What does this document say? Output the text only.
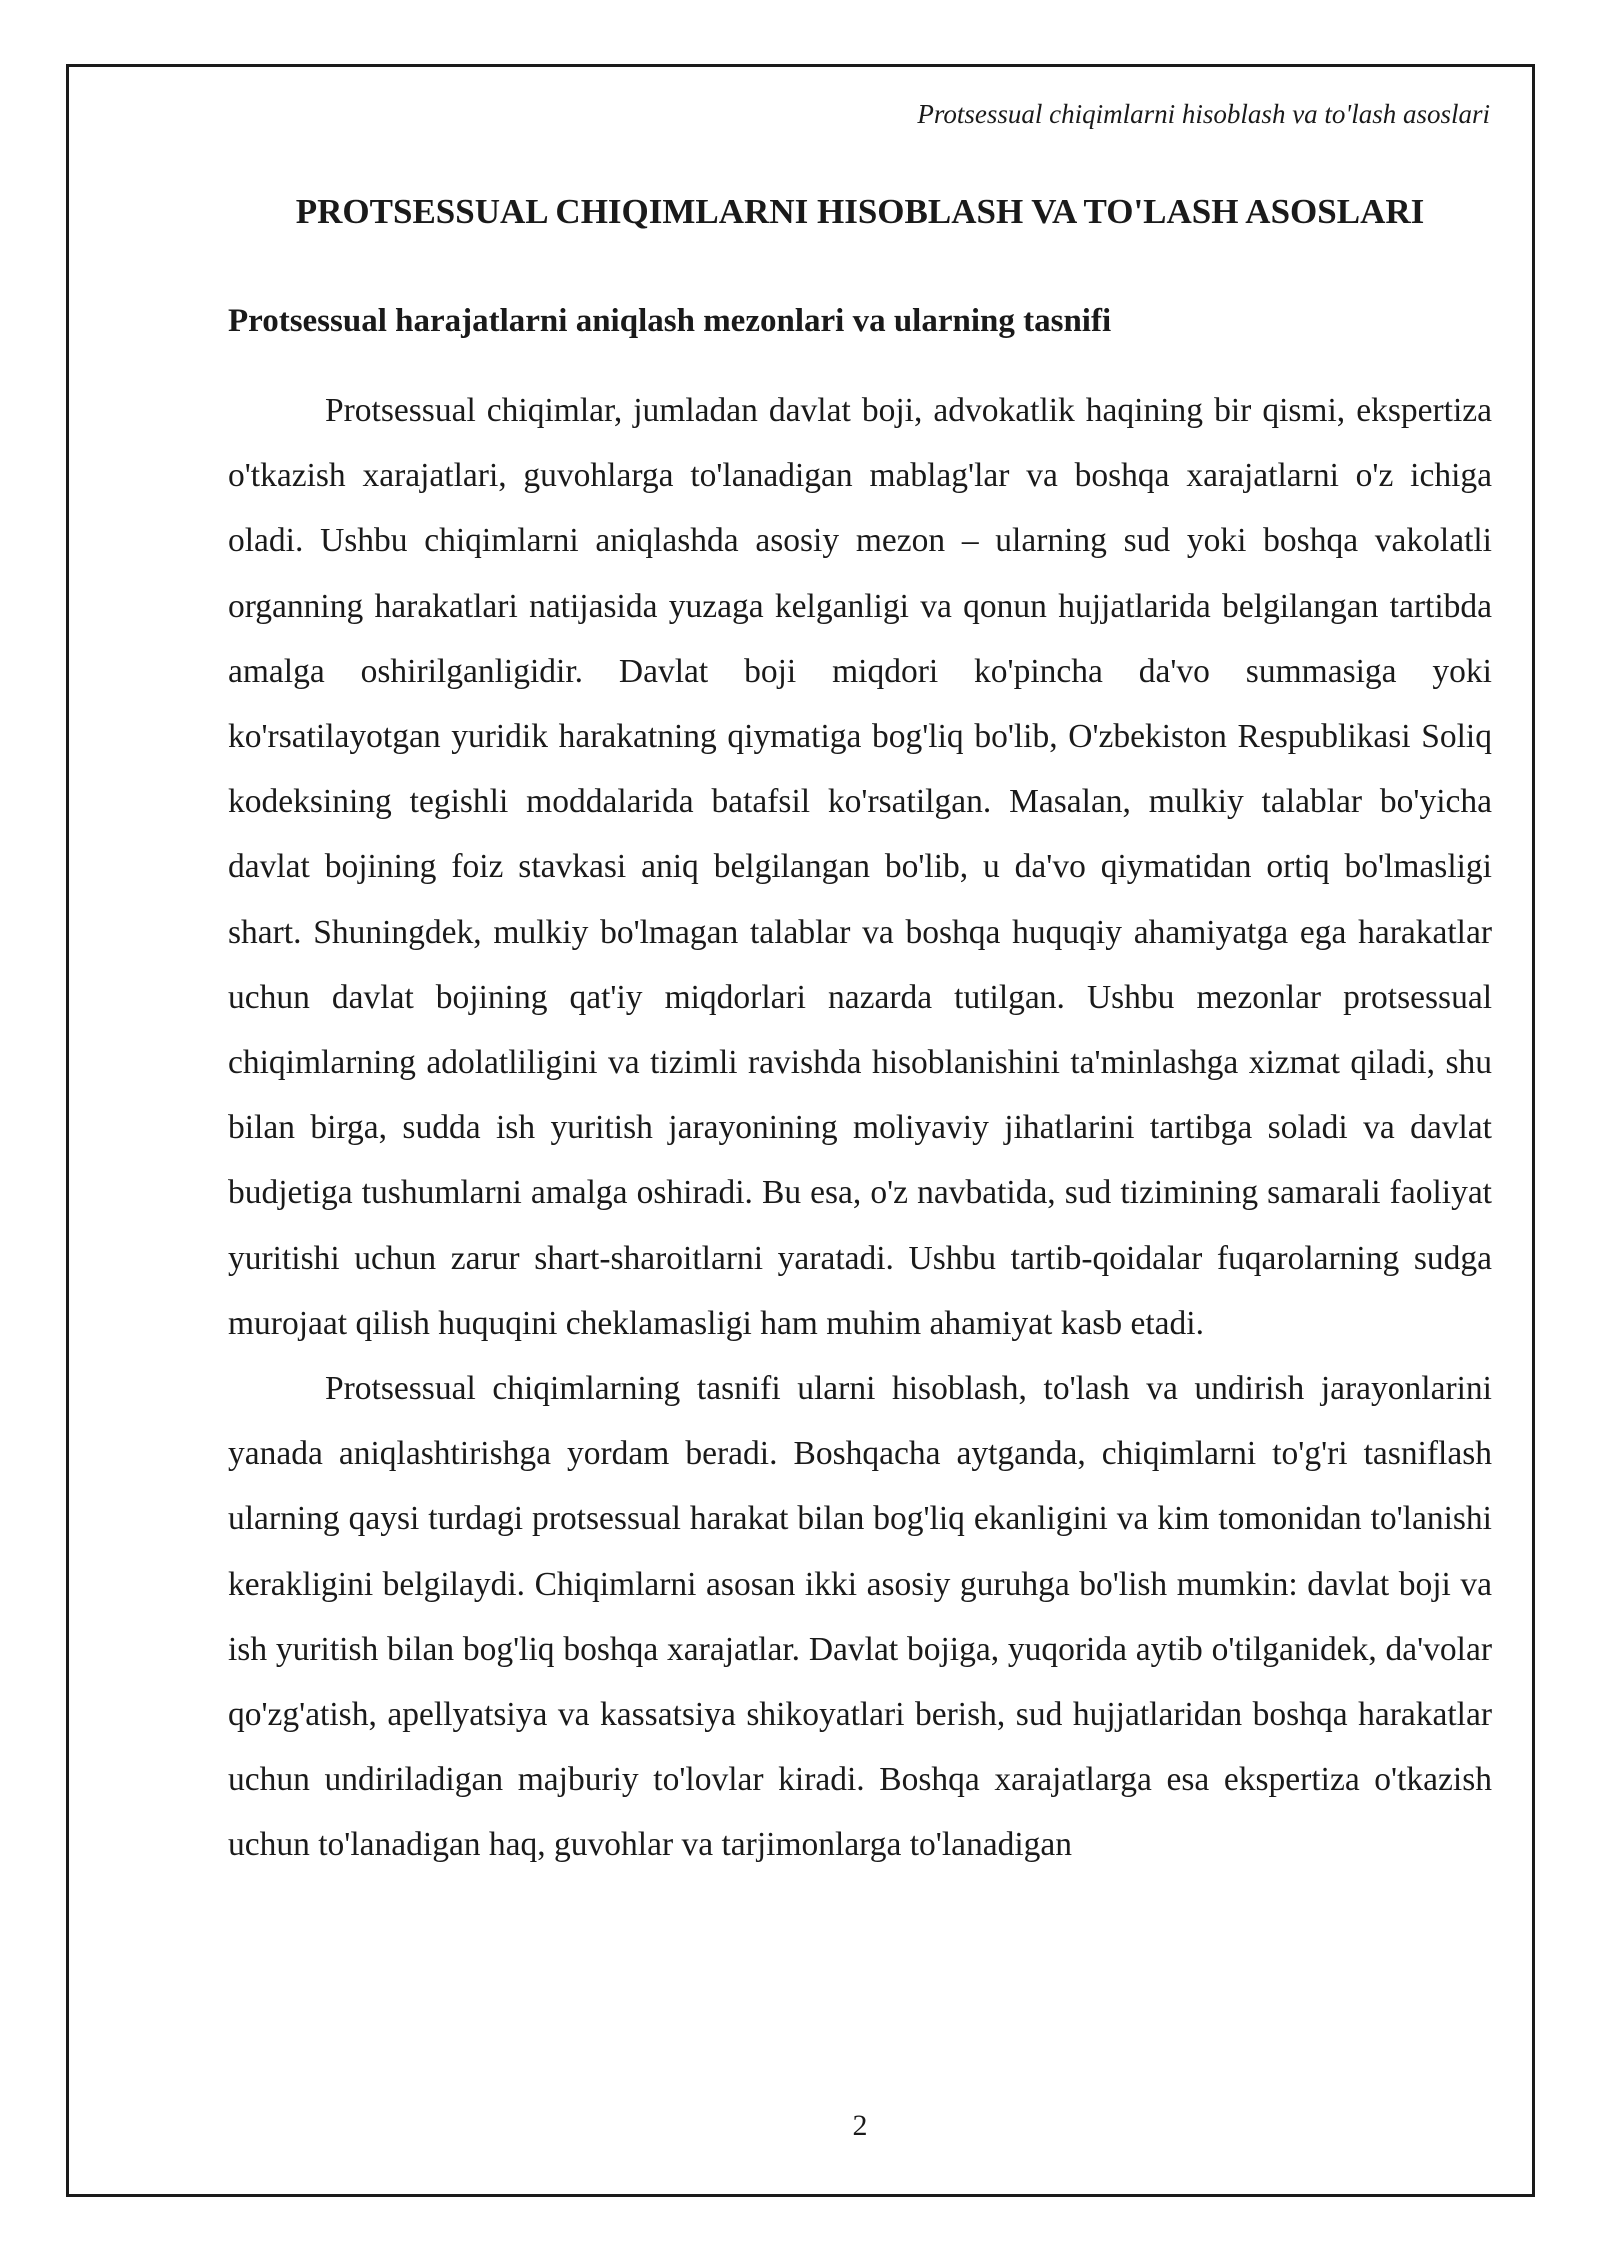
Protsessual chiqimlarni hisoblash va to'lash asoslari
PROTSESSUAL CHIQIMLARNI HISOBLASH VA TO'LASH ASOSLARI
Protsessual harajatlarni aniqlash mezonlari va ularning tasnifi

Protsessual chiqimlar, jumladan davlat boji, advokatlik haqining bir qismi, ekspertiza o'tkazish xarajatlari, guvohlarga to'lanadigan mablag'lar va boshqa xarajatlarni o'z ichiga oladi. Ushbu chiqimlarni aniqlashda asosiy mezon – ularning sud yoki boshqa vakolatli organning harakatlari natijasida yuzaga kelganligi va qonun hujjatlarida belgilangan tartibda amalga oshirilganligidir. Davlat boji miqdori ko'pincha da'vo summasiga yoki ko'rsatilayotgan yuridik harakatning qiymatiga bog'liq bo'lib, O'zbekiston Respublikasi Soliq kodeksining tegishli moddalarida batafsil ko'rsatilgan. Masalan, mulkiy talablar bo'yicha davlat bojining foiz stavkasi aniq belgilangan bo'lib, u da'vo qiymatidan ortiq bo'lmasligi shart. Shuningdek, mulkiy bo'lmagan talablar va boshqa huquqiy ahamiyatga ega harakatlar uchun davlat bojining qat'iy miqdorlari nazarda tutilgan. Ushbu mezonlar protsessual chiqimlarning adolatliligini va tizimli ravishda hisoblanishini ta'minlashga xizmat qiladi, shu bilan birga, sudda ish yuritish jarayonining moliyaviy jihatlarini tartibga soladi va davlat budjetiga tushumlarni amalga oshiradi. Bu esa, o'z navbatida, sud tizimining samarali faoliyat yuritishi uchun zarur shart-sharoitlarni yaratadi. Ushbu tartib-qoidalar fuqarolarning sudga murojaat qilish huquqini cheklamasligi ham muhim ahamiyat kasb etadi.

Protsessual chiqimlarning tasnifi ularni hisoblash, to'lash va undirish jarayonlarini yanada aniqlashtirishga yordam beradi. Boshqacha aytganda, chiqimlarni to'g'ri tasniflash ularning qaysi turdagi protsessual harakat bilan bog'liq ekanligini va kim tomonidan to'lanishi kerakligini belgilaydi. Chiqimlarni asosan ikki asosiy guruhga bo'lish mumkin: davlat boji va ish yuritish bilan bog'liq boshqa xarajatlar. Davlat bojiga, yuqorida aytib o'tilganidek, da'volar qo'zg'atish, apellyatsiya va kassatsiya shikoyatlari berish, sud hujjatlaridan boshqa harakatlar uchun undiriladigan majburiy to'lovlar kiradi. Boshqa xarajatlarga esa ekspertiza o'tkazish uchun to'lanadigan haq, guvohlar va tarjimonlarga to'lanadigan

2
